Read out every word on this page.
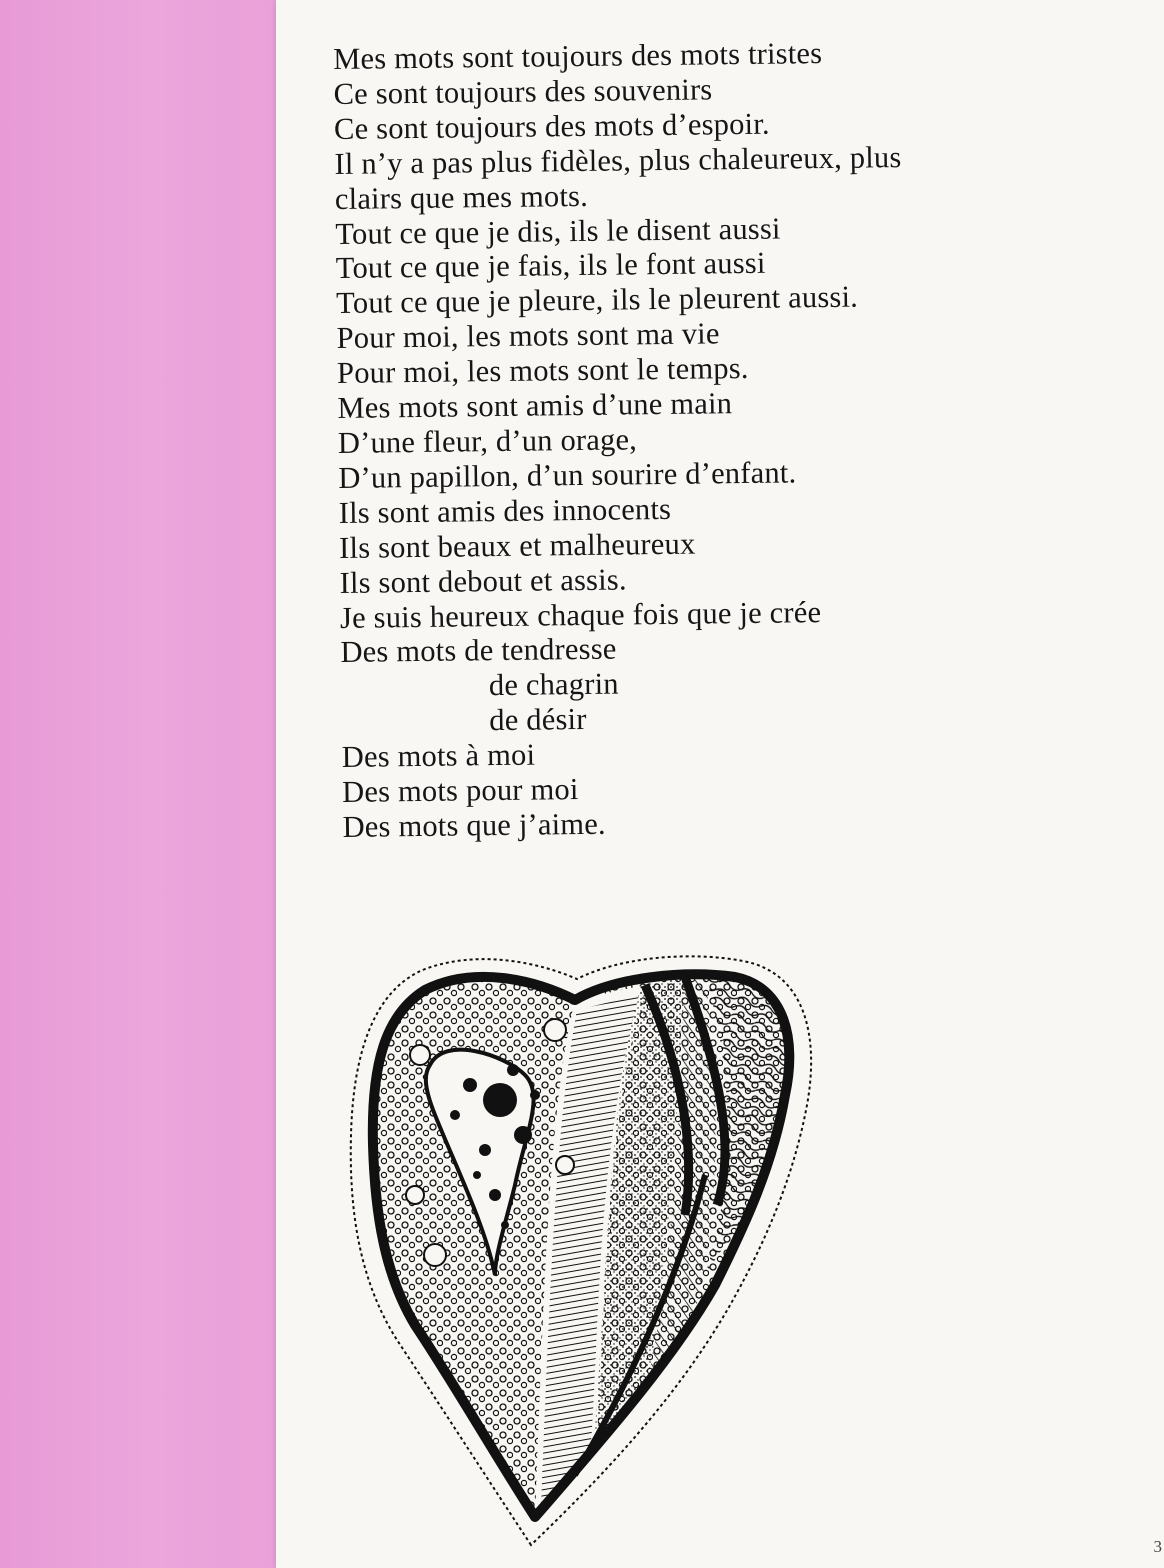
Mes mots sont toujours des mots tristes
Ce sont toujours des souvenirs
Ce sont toujours des mots d’espoir.
Il n’y a pas plus fidèles, plus chaleureux, plus
clairs que mes mots.
Tout ce que je dis, ils le disent aussi
Tout ce que je fais, ils le font aussi
Tout ce que je pleure, ils le pleurent aussi.
Pour moi, les mots sont ma vie
Pour moi, les mots sont le temps.
Mes mots sont amis d’une main
D’une fleur, d’un orage,
D’un papillon, d’un sourire d’enfant.
Ils sont amis des innocents
Ils sont beaux et malheureux
Ils sont debout et assis.
Je suis heureux chaque fois que je crée
Des mots de tendresse
de chagrin
de désir
Des mots à moi
Des mots pour moi
Des mots que j’aime.
3
